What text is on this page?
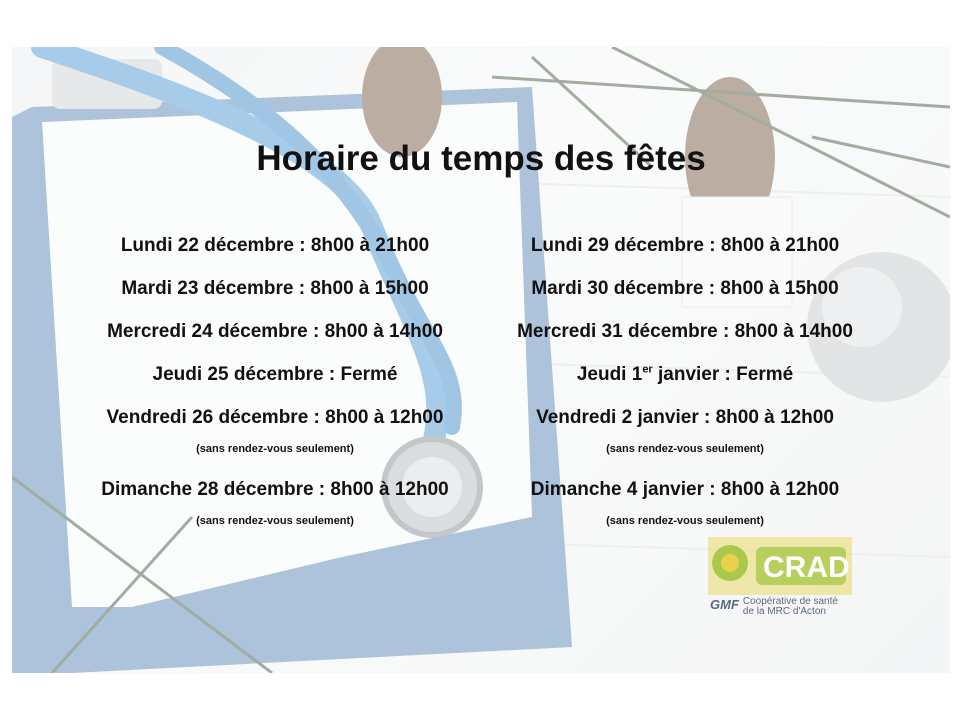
Horaire du temps des fêtes
Lundi 22 décembre : 8h00 à 21h00
Mardi 23 décembre : 8h00 à 15h00
Mercredi 24 décembre : 8h00 à 14h00
Jeudi 25 décembre : Fermé
Vendredi 26 décembre : 8h00 à 12h00
(sans rendez-vous seulement)
Dimanche 28 décembre : 8h00 à 12h00
(sans rendez-vous seulement)
Lundi 29 décembre : 8h00 à 21h00
Mardi 30 décembre : 8h00 à 15h00
Mercredi 31 décembre : 8h00 à 14h00
Jeudi 1er janvier : Fermé
Vendredi 2 janvier : 8h00 à 12h00
(sans rendez-vous seulement)
Dimanche 4 janvier : 8h00 à 12h00
(sans rendez-vous seulement)
CRAD
GMF Coopérative de santé
de la MRC d'Acton
